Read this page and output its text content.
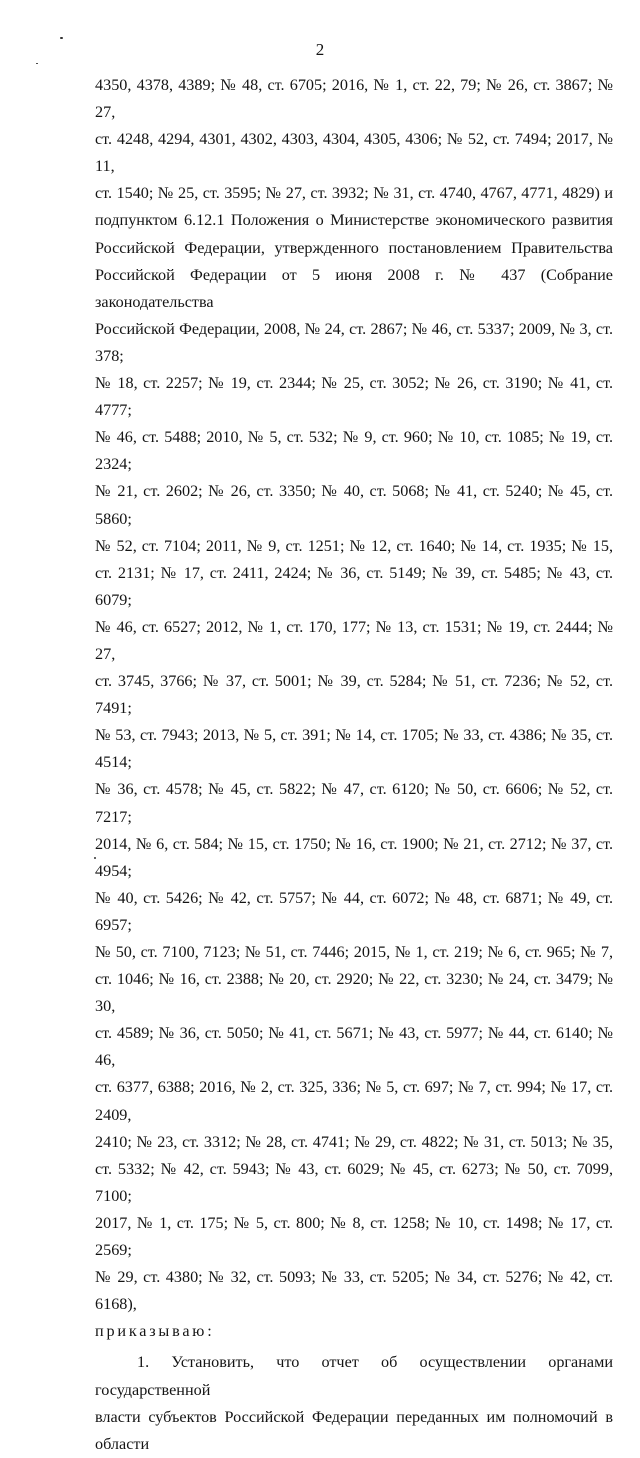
2

4350, 4378, 4389; № 48, ст. 6705; 2016, № 1, ст. 22, 79; № 26, ст. 3867; № 27,

ст. 4248, 4294, 4301, 4302, 4303, 4304, 4305, 4306; № 52, ст. 7494; 2017, № 11,

ст. 1540; № 25, ст. 3595; № 27, ст. 3932; № 31, ст. 4740, 4767, 4771, 4829) и

подпунктом 6.12.1 Положения о Министерстве экономического развития

Российской Федерации, утвержденного постановлением Правительства

Российской Федерации от 5 июня 2008 г. № 437 (Собрание законодательства

Российской Федерации, 2008, № 24, ст. 2867; № 46, ст. 5337; 2009, № 3, ст. 378;

№ 18, ст. 2257; № 19, ст. 2344; № 25, ст. 3052; № 26, ст. 3190; № 41, ст. 4777;

№ 46, ст. 5488; 2010, № 5, ст. 532; № 9, ст. 960; № 10, ст. 1085; № 19, ст. 2324;

№ 21, ст. 2602; № 26, ст. 3350; № 40, ст. 5068; № 41, ст. 5240; № 45, ст. 5860;

№ 52, ст. 7104; 2011, № 9, ст. 1251; № 12, ст. 1640; № 14, ст. 1935; № 15,

ст. 2131; № 17, ст. 2411, 2424; № 36, ст. 5149; № 39, ст. 5485; № 43, ст. 6079;

№ 46, ст. 6527; 2012, № 1, ст. 170, 177; № 13, ст. 1531; № 19, ст. 2444; № 27,

ст. 3745, 3766; № 37, ст. 5001; № 39, ст. 5284; № 51, ст. 7236; № 52, ст. 7491;

№ 53, ст. 7943; 2013, № 5, ст. 391; № 14, ст. 1705; № 33, ст. 4386; № 35, ст. 4514;

№ 36, ст. 4578; № 45, ст. 5822; № 47, ст. 6120; № 50, ст. 6606; № 52, ст. 7217;

2014, № 6, ст. 584; № 15, ст. 1750; № 16, ст. 1900; № 21, ст. 2712; № 37, ст. 4954;

№ 40, ст. 5426; № 42, ст. 5757; № 44, ст. 6072; № 48, ст. 6871; № 49, ст. 6957;

№ 50, ст. 7100, 7123; № 51, ст. 7446; 2015, № 1, ст. 219; № 6, ст. 965; № 7,

ст. 1046; № 16, ст. 2388; № 20, ст. 2920; № 22, ст. 3230; № 24, ст. 3479; № 30,

ст. 4589; № 36, ст. 5050; № 41, ст. 5671; № 43, ст. 5977; № 44, ст. 6140; № 46,

ст. 6377, 6388; 2016, № 2, ст. 325, 336; № 5, ст. 697; № 7, ст. 994; № 17, ст. 2409,

2410; № 23, ст. 3312; № 28, ст. 4741; № 29, ст. 4822; № 31, ст. 5013; № 35,

ст. 5332; № 42, ст. 5943; № 43, ст. 6029; № 45, ст. 6273; № 50, ст. 7099, 7100;

2017, № 1, ст. 175; № 5, ст. 800; № 8, ст. 1258; № 10, ст. 1498; № 17, ст. 2569;

№ 29, ст. 4380; № 32, ст. 5093; № 33, ст. 5205; № 34, ст. 5276; № 42, ст. 6168),

приказываю:

1. Установить, что отчет об осуществлении органами государственной

власти субъектов Российской Федерации переданных им полномочий в области
